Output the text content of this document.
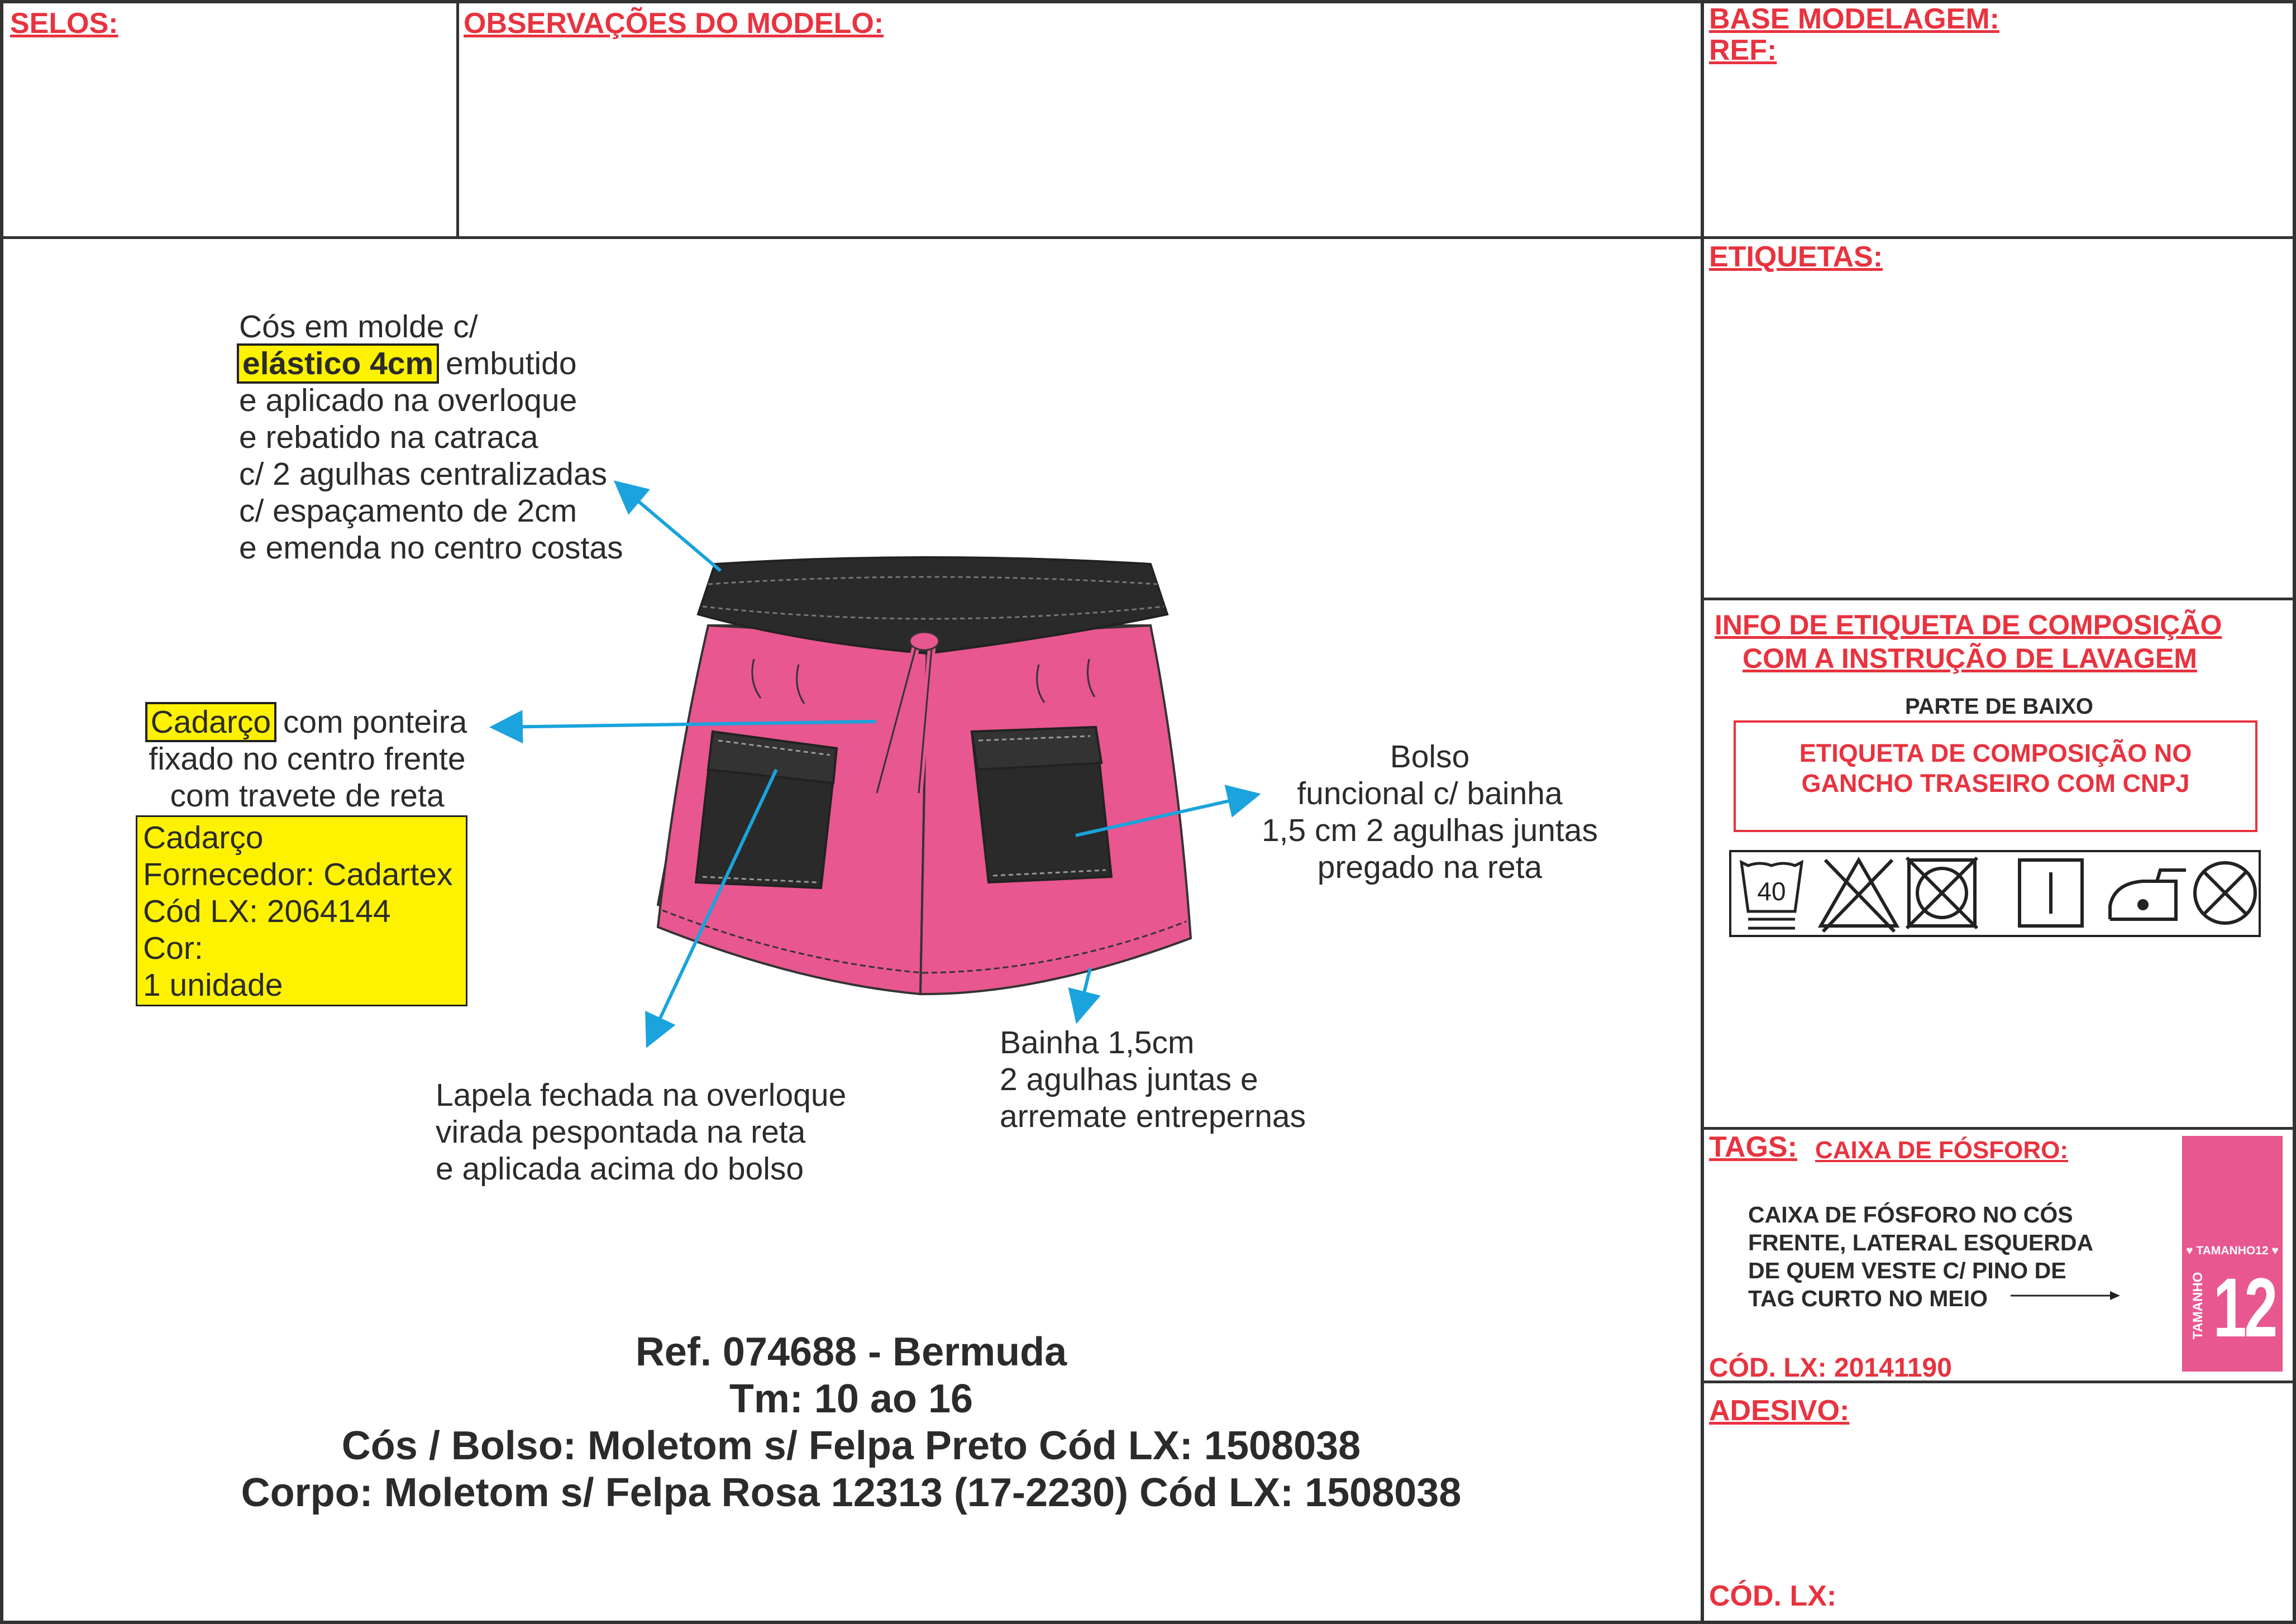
SELOS:	OBSERVAÇÕES DO MODELO:	BASE MODELAGEM:
REF:
ETIQUETAS:
INFO DE ETIQUETA DE COMPOSIÇÃO
COM A INSTRUÇÃO DE LAVAGEM
PARTE DE BAIXO
ETIQUETA DE COMPOSIÇÃO NO
GANCHO TRASEIRO COM CNPJ
40
TAGS: CAIXA DE FÓSFORO:
CAIXA DE FÓSFORO NO CÓS
FRENTE, LATERAL ESQUERDA
DE QUEM VESTE C/ PINO DE
TAG CURTO NO MEIO
CÓD. LX: 20141190
♥ TAMANHO12 ♥
TAMANHO 12
ADESIVO:
CÓD. LX:
Cós em molde c/
elástico 4cm embutido
e aplicado na overloque
e rebatido na catraca
c/ 2 agulhas centralizadas
c/ espaçamento de 2cm
e emenda no centro costas
Cadarço com ponteira
fixado no centro frente
com travete de reta
Cadarço
Fornecedor: Cadartex
Cód LX: 2064144
Cor:
1 unidade
Bolso
funcional c/ bainha
1,5 cm 2 agulhas juntas
pregado na reta
Lapela fechada na overloque
virada pespontada na reta
e aplicada acima do bolso
Bainha 1,5cm
2 agulhas juntas e
arremate entrepernas
Ref. 074688 - Bermuda
Tm: 10 ao 16
Cós / Bolso: Moletom s/ Felpa Preto Cód LX: 1508038
Corpo: Moletom s/ Felpa Rosa 12313 (17-2230) Cód LX: 1508038
